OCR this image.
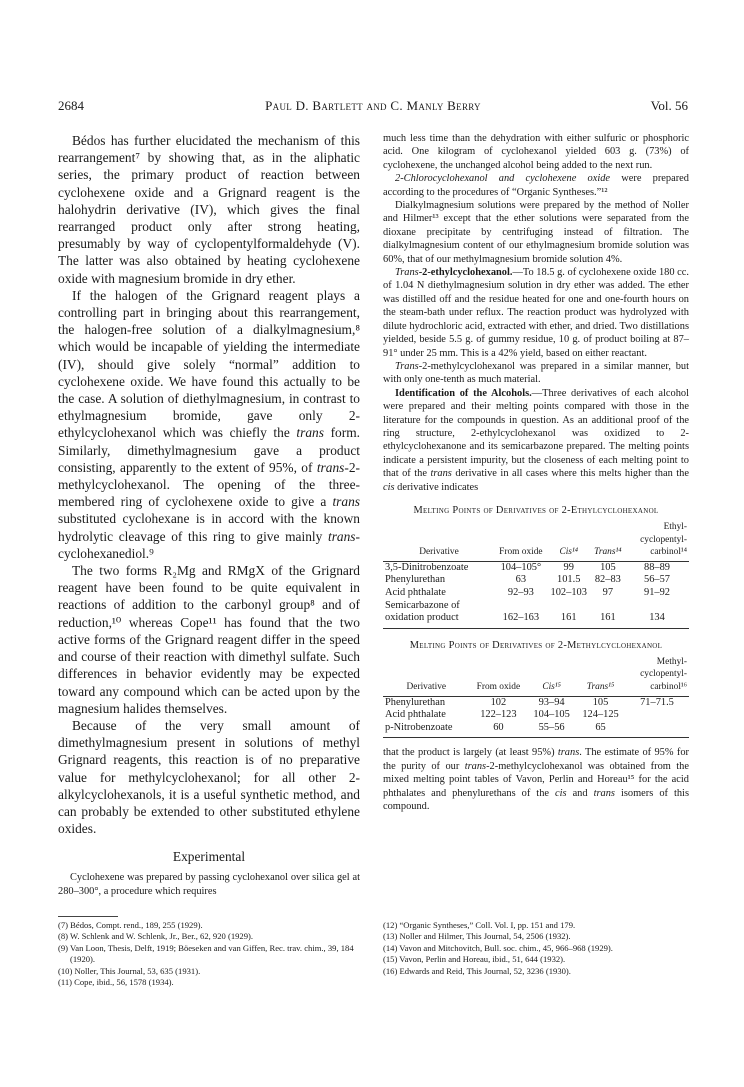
2684	Paul D. Bartlett and C. Manly Berry	Vol. 56

Bédos has further elucidated the mechanism of this rearrangement⁷ by showing that, as in the aliphatic series, the primary product of reaction between cyclohexene oxide and a Grignard reagent is the halohydrin derivative (IV), which gives the final rearranged product only after strong heating, presumably by way of cyclopentylformaldehyde (V). The latter was also obtained by heating cyclohexene oxide with magnesium bromide in dry ether.

If the halogen of the Grignard reagent plays a controlling part in bringing about this rearrangement, the halogen-free solution of a dialkylmagnesium,⁸ which would be incapable of yielding the intermediate (IV), should give solely “normal” addition to cyclohexene oxide. We have found this actually to be the case. A solution of diethylmagnesium, in contrast to ethylmagnesium bromide, gave only 2-ethylcyclohexanol which was chiefly the trans form. Similarly, dimethylmagnesium gave a product consisting, apparently to the extent of 95%, of trans-2-methylcyclohexanol. The opening of the three-membered ring of cyclohexene oxide to give a trans substituted cyclohexane is in accord with the known hydrolytic cleavage of this ring to give mainly trans-cyclohexanediol.⁹

The two forms R₂Mg and RMgX of the Grignard reagent have been found to be quite equivalent in reactions of addition to the carbonyl group⁸ and of reduction,¹⁰ whereas Cope¹¹ has found that the two active forms of the Grignard reagent differ in the speed and course of their reaction with dimethyl sulfate. Such differences in behavior evidently may be expected toward any compound which can be acted upon by the magnesium halides themselves.

Because of the very small amount of dimethylmagnesium present in solutions of methyl Grignard reagents, this reaction is of no preparative value for methylcyclohexanol; for all other 2-alkylcyclohexanols, it is a useful synthetic method, and can probably be extended to other substituted ethylene oxides.

Experimental

Cyclohexene was prepared by passing cyclohexanol over silica gel at 280–300°, a procedure which requires

much less time than the dehydration with either sulfuric or phosphoric acid. One kilogram of cyclohexanol yielded 603 g. (73%) of cyclohexene, the unchanged alcohol being added to the next run.

2-Chlorocyclohexanol and cyclohexene oxide were prepared according to the procedures of “Organic Syntheses.”¹²

Dialkylmagnesium solutions were prepared by the method of Noller and Hilmer¹³ except that the ether solutions were separated from the dioxane precipitate by centrifuging instead of filtration. The dialkylmagnesium content of our ethylmagnesium bromide solution was 60%, that of our methylmagnesium bromide solution 4%.

Trans-2-ethylcyclohexanol.—To 18.5 g. of cyclohexene oxide 180 cc. of 1.04 N diethylmagnesium solution in dry ether was added. The ether was distilled off and the residue heated for one and one-fourth hours on the steam-bath under reflux. The reaction product was hydrolyzed with dilute hydrochloric acid, extracted with ether, and dried. Two distillations yielded, beside 5.5 g. of gummy residue, 10 g. of product boiling at 87–91° under 25 mm. This is a 42% yield, based on either reactant.

Trans-2-methylcyclohexanol was prepared in a similar manner, but with only one-tenth as much material.

Identification of the Alcohols.—Three derivatives of each alcohol were prepared and their melting points compared with those in the literature for the compounds in question. As an additional proof of the ring structure, 2-ethylcyclohexanol was oxidized to 2-ethylcyclohexanone and its semicarbazone prepared. The melting points indicate a persistent impurity, but the closeness of each melting point to that of the trans derivative in all cases where this melts higher than the cis derivative indicates

Melting Points of Derivatives of 2-Ethylcyclohexanol
Derivative	From oxide	Cis¹⁴	Trans¹⁴	Ethyl-cyclopentyl-carbinol¹⁴
3,5-Dinitrobenzoate	104–105°	99	105	88–89
Phenylurethan	63	101.5	82–83	56–57
Acid phthalate	92–93	102–103	97	91–92
Semicarbazone of oxidation product	162–163	161	161	134
Melting Points of Derivatives of 2-Methylcyclohexanol
Derivative	From oxide	Cis¹⁵	Trans¹⁵	Methyl-cyclopentyl-carbinol¹⁶
Phenylurethan	102	93–94	105	71–71.5
Acid phthalate	122–123	104–105	124–125	
p-Nitrobenzoate	60	55–56	65	

that the product is largely (at least 95%) trans. The estimate of 95% for the purity of our trans-2-methylcyclohexanol was obtained from the mixed melting point tables of Vavon, Perlin and Horeau¹⁵ for the acid phthalates and phenylurethans of the cis and trans isomers of this compound.

(7) Bédos, Compt. rend., 189, 255 (1929).

(8) W. Schlenk and W. Schlenk, Jr., Ber., 62, 920 (1929).

(9) Van Loon, Thesis, Delft, 1919; Böeseken and van Giffen, Rec. trav. chim., 39, 184 (1920).

(10) Noller, This Journal, 53, 635 (1931).

(11) Cope, ibid., 56, 1578 (1934).

(12) “Organic Syntheses,” Coll. Vol. I, pp. 151 and 179.

(13) Noller and Hilmer, This Journal, 54, 2506 (1932).

(14) Vavon and Mitchovitch, Bull. soc. chim., 45, 966–968 (1929).

(15) Vavon, Perlin and Horeau, ibid., 51, 644 (1932).

(16) Edwards and Reid, This Journal, 52, 3236 (1930).
